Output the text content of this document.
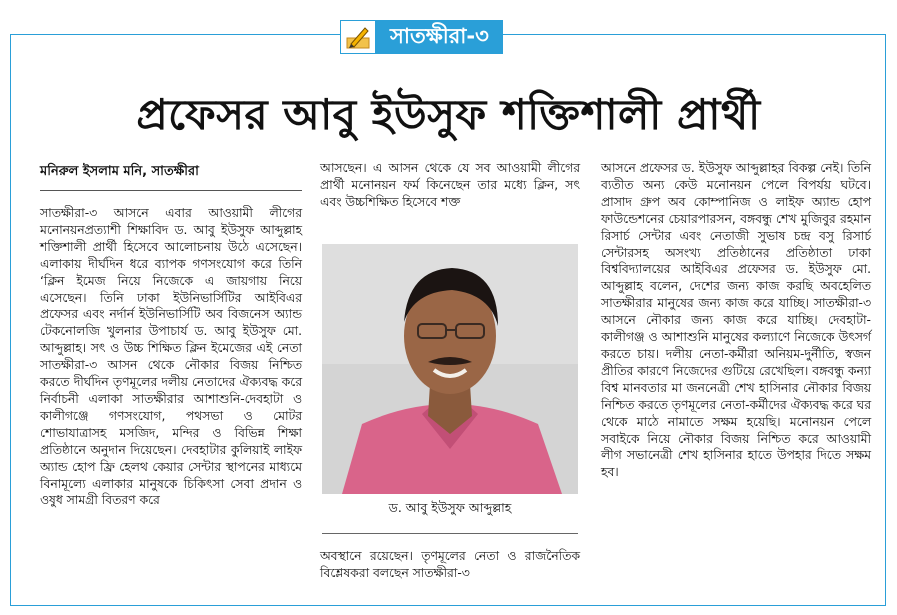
সাতক্ষীরা-৩
প্রফেসর আবু ইউসুফ শক্তিশালী প্রার্থী
মনিরুল ইসলাম মনি, সাতক্ষীরা

সাতক্ষীরা-৩ আসনে এবার আওয়ামী লীগের মনোনয়নপ্রত্যাশী শিক্ষাবিদ ড. আবু ইউসুফ আব্দুল্লাহ শক্তিশালী প্রার্থী হিসেবে আলোচনায় উঠে এসেছেন। এলাকায় দীর্ঘদিন ধরে ব্যাপক গণসংযোগ করে তিনি ‘ক্লিন ইমেজ নিয়ে নিজেকে এ জায়গায় নিয়ে এসেছেন। তিনি ঢাকা ইউনিভার্সিটির আইবিএর প্রফেসর এবং নর্দার্ন ইউনিভার্সিটি অব বিজনেস অ্যান্ড টেকনোলজি খুলনার উপাচার্য ড. আবু ইউসুফ মো. আব্দুল্লাহ। সৎ ও উচ্চ শিক্ষিত ক্লিন ইমেজের এই নেতা সাতক্ষীরা-৩ আসন থেকে নৌকার বিজয় নিশ্চিত করতে দীর্ঘদিন তৃণমূলের দলীয় নেতাদের ঐক্যবদ্ধ করে নির্বাচনী এলাকা সাতক্ষীরার আশাশুনি-দেবহাটা ও কালীগঞ্জে গণসংযোগ, পথসভা ও মোটর শোভাযাত্রাসহ মসজিদ, মন্দির ও বিভিন্ন শিক্ষা প্রতিষ্ঠানে অনুদান দিয়েছেন। দেবহাটার কুলিয়াই লাইফ অ্যান্ড হোপ ফ্রি হেলথ কেয়ার সেন্টার স্থাপনের মাধ্যমে বিনামূল্যে এলাকার মানুষকে চিকিৎসা সেবা প্রদান ও ওষুধ সামগ্রী বিতরণ করে

আসছেন। এ আসন থেকে যে সব আওয়ামী লীগের প্রার্থী মনোনয়ন ফর্ম কিনেছেন তার মধ্যে ক্লিন, সৎ এবং উচ্চশিক্ষিত হিসেবে শক্ত

ড. আবু ইউসুফ আব্দুল্লাহ

অবস্থানে রয়েছেন। তৃণমূলের নেতা ও রাজনৈতিক বিশ্লেষকরা বলছেন সাতক্ষীরা-৩

আসনে প্রফেসর ড. ইউসুফ আব্দুল্লাহর বিকল্প নেই। তিনি ব্যতীত অন্য কেউ মনোনয়ন পেলে বিপর্যয় ঘটবে। প্রাসাদ গ্রুপ অব কোম্পানিজ ও লাইফ অ্যান্ড হোপ ফাউন্ডেশনের চেয়ারপারসন, বঙ্গবন্ধু শেখ মুজিবুর রহমান রিসার্চ সেন্টার এবং নেতাজী সুভাষ চন্দ্র বসু রিসার্চ সেন্টারসহ অসংখ্য প্রতিষ্ঠানের প্রতিষ্ঠাতা ঢাকা বিশ্ববিদ্যালয়ের আইবিএর প্রফেসর ড. ইউসুফ মো. আব্দুল্লাহ বলেন, দেশের জন্য কাজ করছি অবহেলিত সাতক্ষীরার মানুষের জন্য কাজ করে যাচ্ছি। সাতক্ষীরা-৩ আসনে নৌকার জন্য কাজ করে যাচ্ছি। দেবহাটা-কালীগঞ্জ ও আশাশুনি মানুষের কল্যাণে নিজেকে উৎসর্গ করতে চায়। দলীয় নেতা-কর্মীরা অনিয়ম-দুর্নীতি, স্বজন প্রীতির কারণে নিজেদের গুটিয়ে রেখেছিল। বঙ্গবন্ধু কন্যা বিশ্ব মানবতার মা জননেত্রী শেখ হাসিনার নৌকার বিজয় নিশ্চিত করতে তৃণমূলের নেতা-কর্মীদের ঐক্যবদ্ধ করে ঘর থেকে মাঠে নামাতে সক্ষম হয়েছি। মনোনয়ন পেলে সবাইকে নিয়ে নৌকার বিজয় নিশ্চিত করে আওয়ামী লীগ সভানেত্রী শেখ হাসিনার হাতে উপহার দিতে সক্ষম হব।
